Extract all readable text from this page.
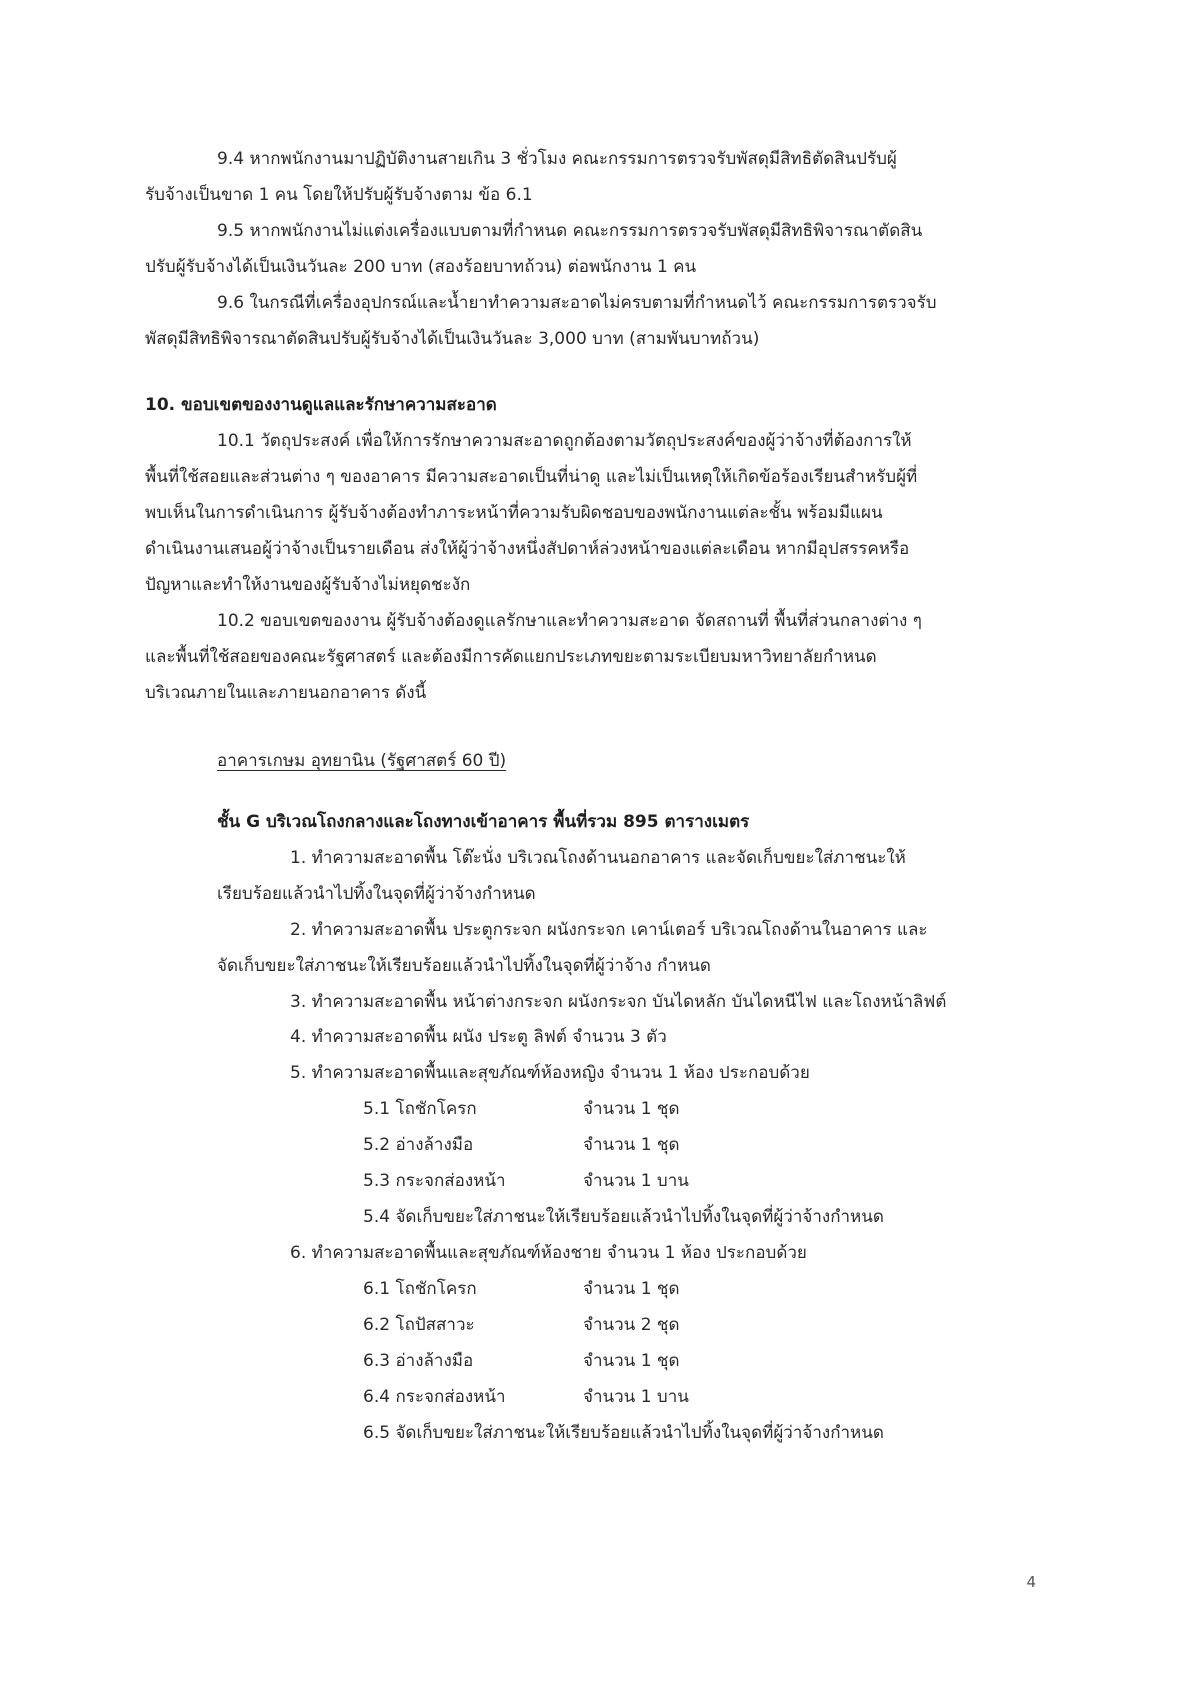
9.4 หากพนักงานมาปฏิบัติงานสายเกิน 3 ชั่วโมง คณะกรรมการตรวจรับพัสดุมีสิทธิตัดสินปรับผู้

รับจ้างเป็นขาด 1 คน โดยให้ปรับผู้รับจ้างตาม ข้อ 6.1

9.5 หากพนักงานไม่แต่งเครื่องแบบตามที่กำหนด คณะกรรมการตรวจรับพัสดุมีสิทธิพิจารณาตัดสิน

ปรับผู้รับจ้างได้เป็นเงินวันละ 200 บาท (สองร้อยบาทถ้วน) ต่อพนักงาน 1 คน

9.6 ในกรณีที่เครื่องอุปกรณ์และน้ำยาทำความสะอาดไม่ครบตามที่กำหนดไว้ คณะกรรมการตรวจรับ

พัสดุมีสิทธิพิจารณาตัดสินปรับผู้รับจ้างได้เป็นเงินวันละ 3,000 บาท (สามพันบาทถ้วน)

10. ขอบเขตของงานดูแลและรักษาความสะอาด

10.1 วัตถุประสงค์ เพื่อให้การรักษาความสะอาดถูกต้องตามวัตถุประสงค์ของผู้ว่าจ้างที่ต้องการให้

พื้นที่ใช้สอยและส่วนต่าง ๆ ของอาคาร มีความสะอาดเป็นที่น่าดู และไม่เป็นเหตุให้เกิดข้อร้องเรียนสำหรับผู้ที่

พบเห็นในการดำเนินการ ผู้รับจ้างต้องทำภาระหน้าที่ความรับผิดชอบของพนักงานแต่ละชั้น พร้อมมีแผน

ดำเนินงานเสนอผู้ว่าจ้างเป็นรายเดือน ส่งให้ผู้ว่าจ้างหนึ่งสัปดาห์ล่วงหน้าของแต่ละเดือน หากมีอุปสรรคหรือ

ปัญหาและทำให้งานของผู้รับจ้างไม่หยุดชะงัก

10.2 ขอบเขตของงาน ผู้รับจ้างต้องดูแลรักษาและทำความสะอาด จัดสถานที่ พื้นที่ส่วนกลางต่าง ๆ

และพื้นที่ใช้สอยของคณะรัฐศาสตร์ และต้องมีการคัดแยกประเภทขยะตามระเบียบมหาวิทยาลัยกำหนด

บริเวณภายในและภายนอกอาคาร ดังนี้

อาคารเกษม อุทยานิน (รัฐศาสตร์ 60 ปี)

ชั้น G บริเวณโถงกลางและโถงทางเข้าอาคาร พื้นที่รวม 895 ตารางเมตร

1. ทำความสะอาดพื้น โต๊ะนั่ง บริเวณโถงด้านนอกอาคาร และจัดเก็บขยะใส่ภาชนะให้

เรียบร้อยแล้วนำไปทิ้งในจุดที่ผู้ว่าจ้างกำหนด

2. ทำความสะอาดพื้น ประตูกระจก ผนังกระจก เคาน์เตอร์ บริเวณโถงด้านในอาคาร และ

จัดเก็บขยะใส่ภาชนะให้เรียบร้อยแล้วนำไปทิ้งในจุดที่ผู้ว่าจ้าง กำหนด

3. ทำความสะอาดพื้น หน้าต่างกระจก ผนังกระจก บันไดหลัก บันไดหนีไฟ และโถงหน้าลิฟต์

4. ทำความสะอาดพื้น ผนัง ประตู ลิฟต์ จำนวน 3 ตัว

5. ทำความสะอาดพื้นและสุขภัณฑ์ห้องหญิง จำนวน 1 ห้อง ประกอบด้วย

5.1 โถชักโครก	จำนวน 1 ชุด
5.2 อ่างล้างมือ	จำนวน 1 ชุด
5.3 กระจกส่องหน้า	จำนวน 1 บาน

5.4 จัดเก็บขยะใส่ภาชนะให้เรียบร้อยแล้วนำไปทิ้งในจุดที่ผู้ว่าจ้างกำหนด

6. ทำความสะอาดพื้นและสุขภัณฑ์ห้องชาย จำนวน 1 ห้อง ประกอบด้วย

6.1 โถชักโครก	จำนวน 1 ชุด
6.2 โถปัสสาวะ	จำนวน 2 ชุด
6.3 อ่างล้างมือ	จำนวน 1 ชุด
6.4 กระจกส่องหน้า	จำนวน 1 บาน

6.5 จัดเก็บขยะใส่ภาชนะให้เรียบร้อยแล้วนำไปทิ้งในจุดที่ผู้ว่าจ้างกำหนด

4
